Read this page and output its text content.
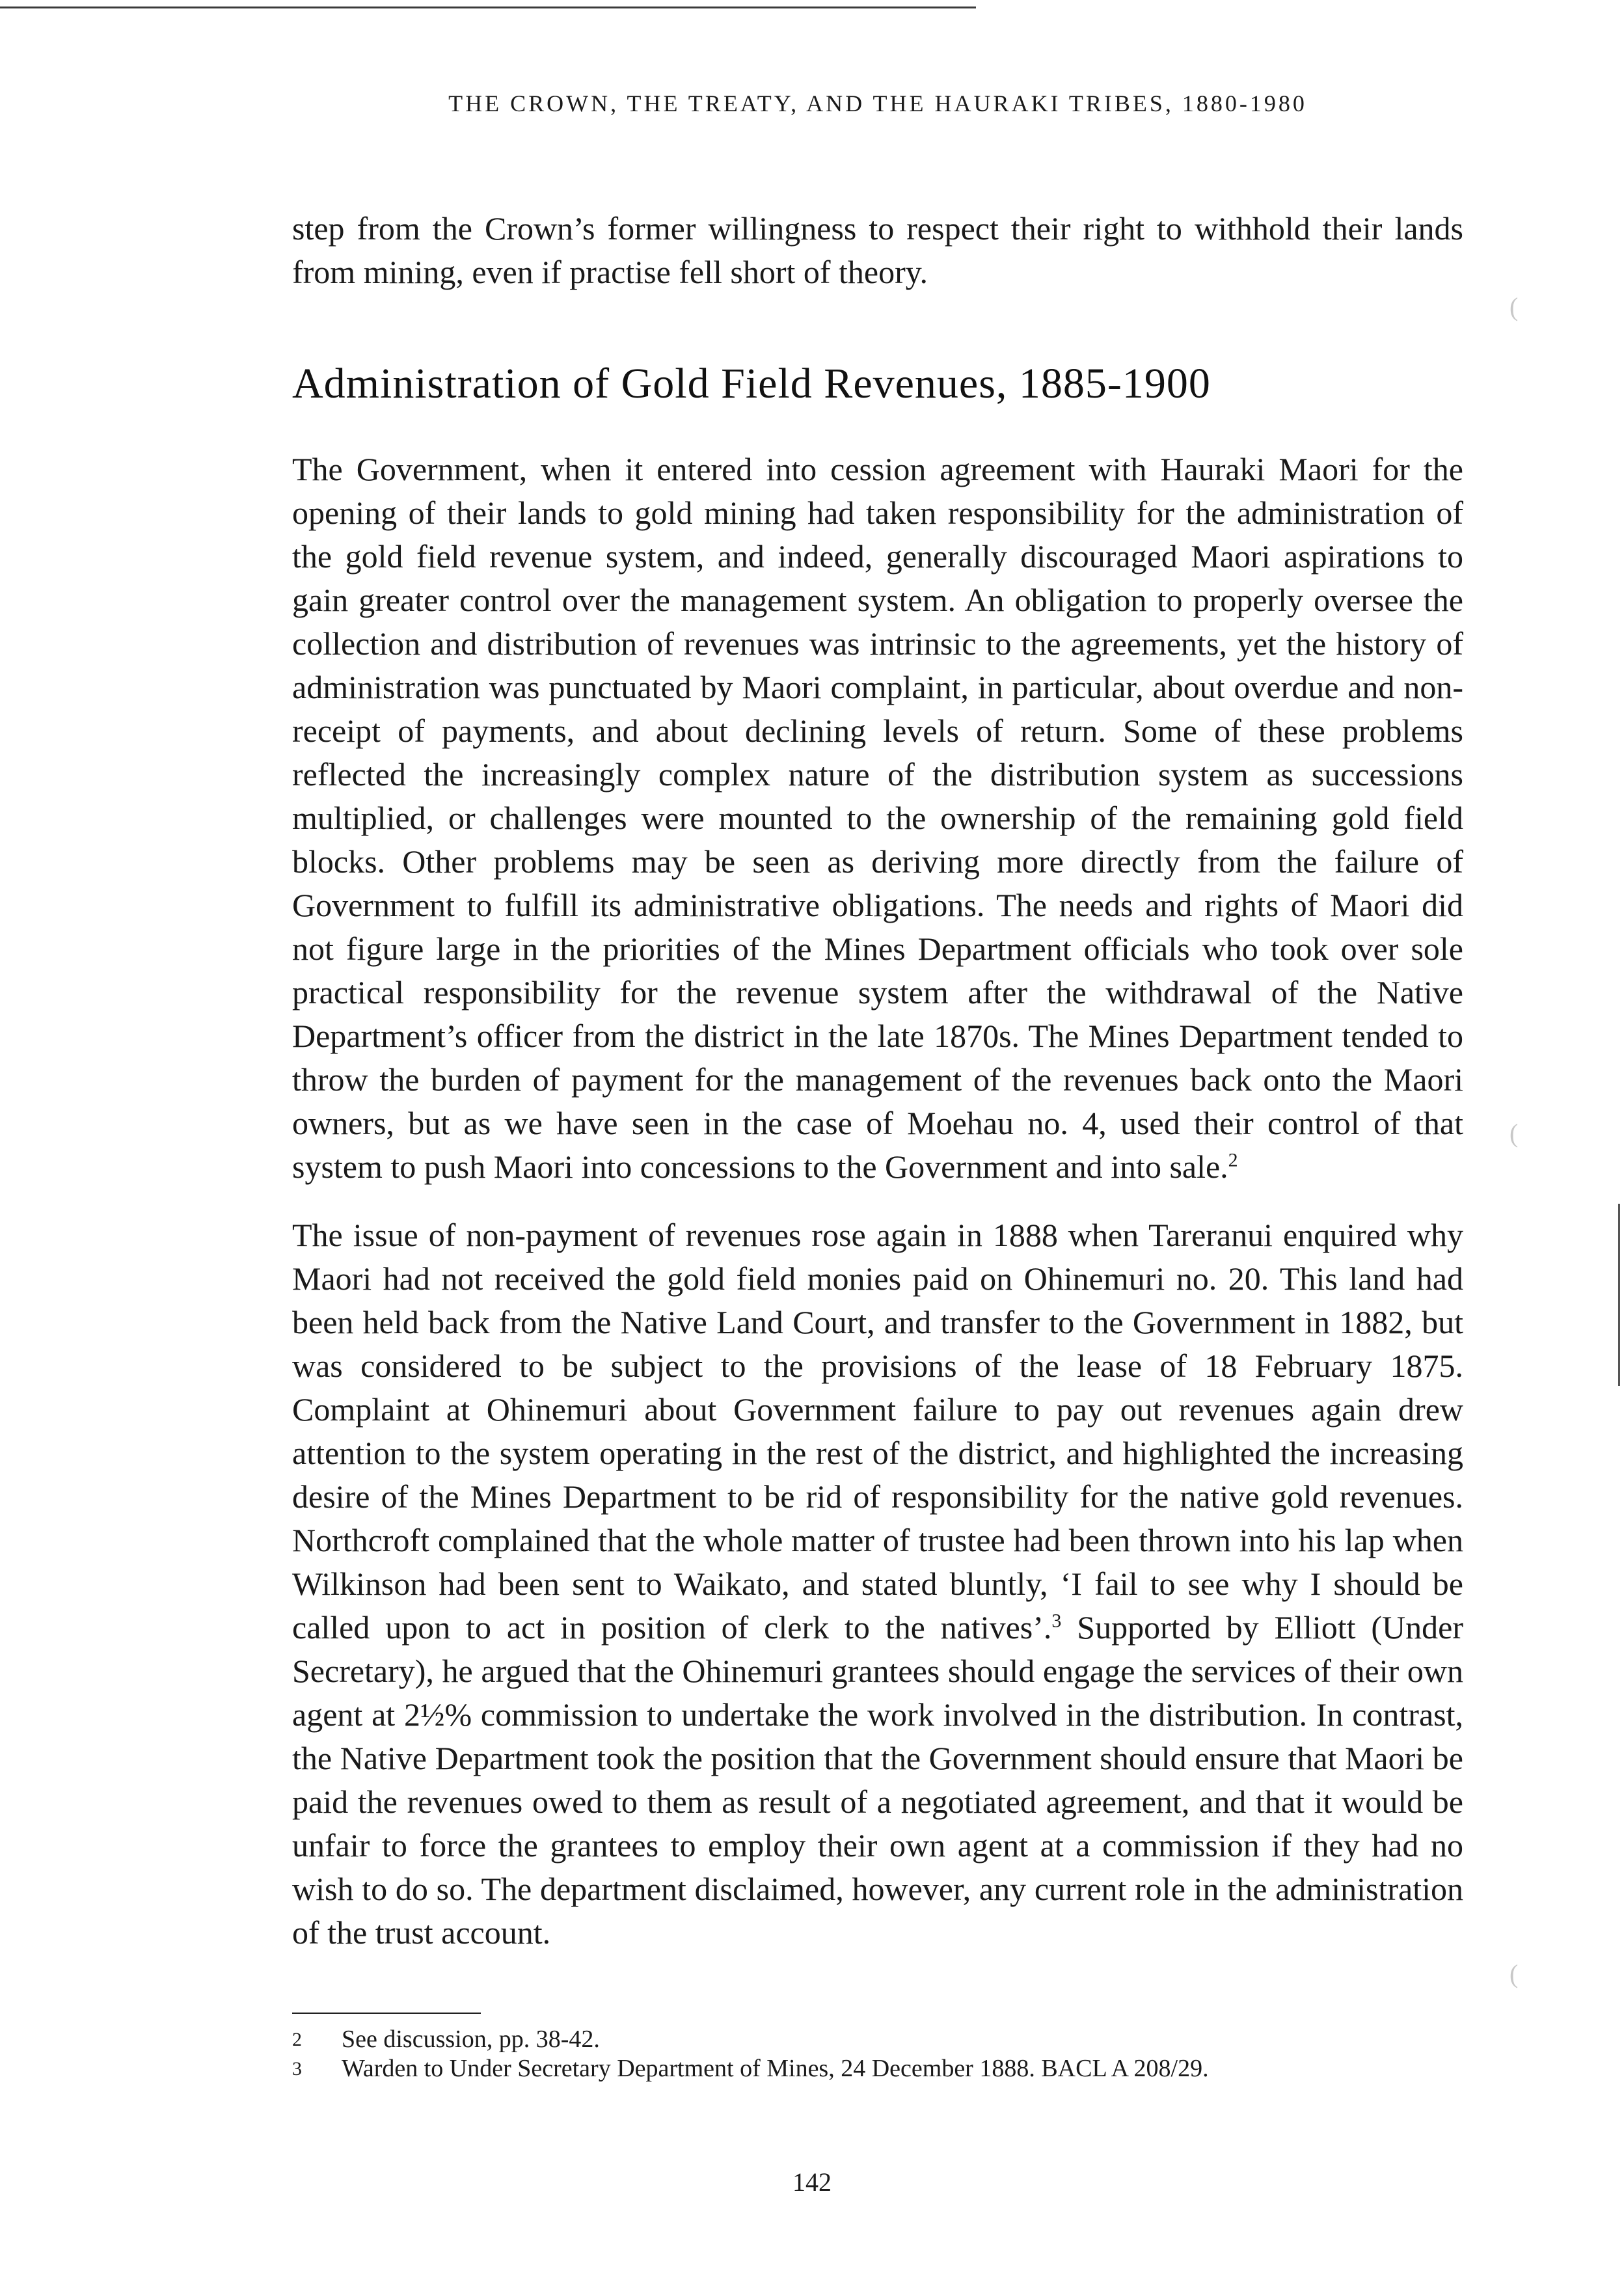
THE CROWN, THE TREATY, AND THE HAURAKI TRIBES, 1880-1980

step from the Crown’s former willingness to respect their right to withhold their lands from mining, even if practise fell short of theory.

Administration of Gold Field Revenues, 1885-1900

The Government, when it entered into cession agreement with Hauraki Maori for the opening of their lands to gold mining had taken responsibility for the administration of the gold field revenue system, and indeed, generally discouraged Maori aspirations to gain greater control over the management system. An obligation to properly oversee the collection and distribution of revenues was intrinsic to the agreements, yet the history of administration was punctuated by Maori complaint, in particular, about overdue and non-receipt of payments, and about declining levels of return. Some of these problems reflected the increasingly complex nature of the distribution system as successions multiplied, or challenges were mounted to the ownership of the remaining gold field blocks. Other problems may be seen as deriving more directly from the failure of Government to fulfill its administrative obligations. The needs and rights of Maori did not figure large in the priorities of the Mines Department officials who took over sole practical responsibility for the revenue system after the withdrawal of the Native Department’s officer from the district in the late 1870s. The Mines Department tended to throw the burden of payment for the management of the revenues back onto the Maori owners, but as we have seen in the case of Moehau no. 4, used their control of that system to push Maori into concessions to the Government and into sale.$^2$

The issue of non-payment of revenues rose again in 1888 when Tareranui enquired why Maori had not received the gold field monies paid on Ohinemuri no. 20. This land had been held back from the Native Land Court, and transfer to the Government in 1882, but was considered to be subject to the provisions of the lease of 18 February 1875. Complaint at Ohinemuri about Government failure to pay out revenues again drew attention to the system operating in the rest of the district, and highlighted the increasing desire of the Mines Department to be rid of responsibility for the native gold revenues. Northcroft complained that the whole matter of trustee had been thrown into his lap when Wilkinson had been sent to Waikato, and stated bluntly, ‘I fail to see why I should be called upon to act in position of clerk to the natives’.$^3$ Supported by Elliott (Under Secretary), he argued that the Ohinemuri grantees should engage the services of their own agent at 2½% commission to undertake the work involved in the distribution. In contrast, the Native Department took the position that the Government should ensure that Maori be paid the revenues owed to them as result of a negotiated agreement, and that it would be unfair to force the grantees to employ their own agent at a commission if they had no wish to do so. The department disclaimed, however, any current role in the administration of the trust account.

2	See discussion, pp. 38-42.
3	Warden to Under Secretary Department of Mines, 24 December 1888. BACL A 208/29.
142
(
(
(
